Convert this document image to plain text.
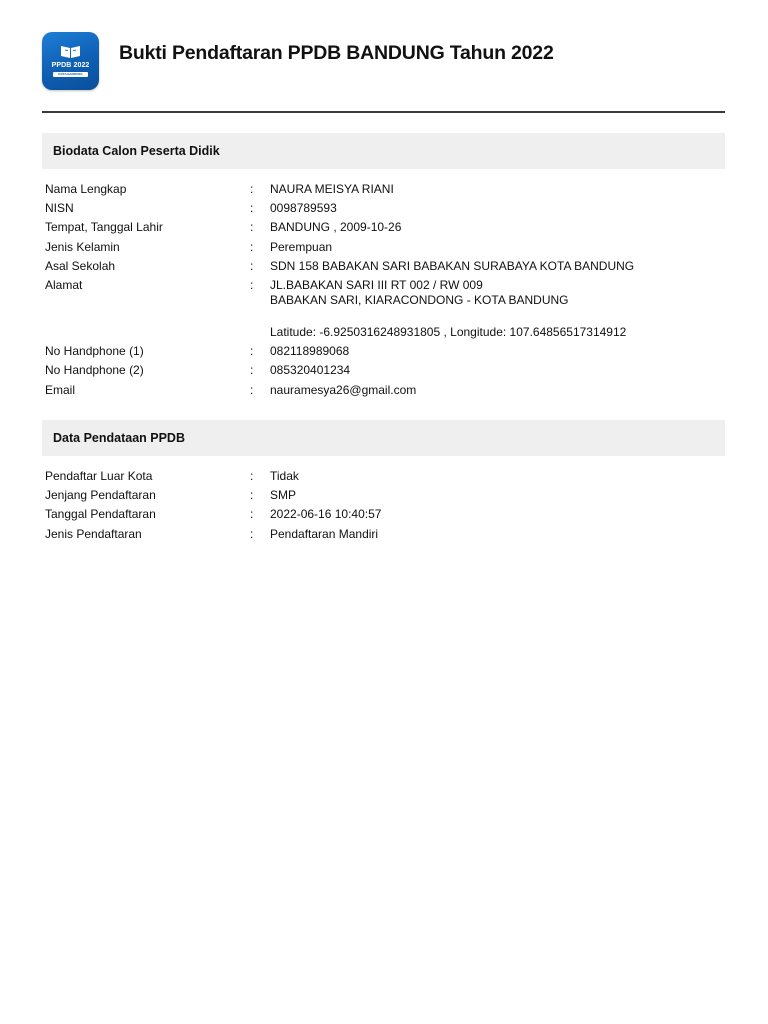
PPDB 2022
KOTA BANDUNG
Bukti Pendaftaran PPDB BANDUNG Tahun 2022
Biodata Calon Peserta Didik
Nama Lengkap	: NAURA MEISYA RIANI
NISN	: 0098789593
Tempat, Tanggal Lahir	: BANDUNG , 2009-10-26
Jenis Kelamin	: Perempuan
Asal Sekolah	: SDN 158 BABAKAN SARI BABAKAN SURABAYA KOTA BANDUNG
Alamat	: JL.BABAKAN SARI III RT 002 / RW 009
BABAKAN SARI, KIARACONDONG - KOTA BANDUNG
Latitude: -6.9250316248931805 , Longitude: 107.64856517314912
No Handphone (1)	: 082118989068
No Handphone (2)	: 085320401234
Email	: nauramesya26@gmail.com
Data Pendataan PPDB
Pendaftar Luar Kota	: Tidak
Jenjang Pendaftaran	: SMP
Tanggal Pendaftaran	: 2022-06-16 10:40:57
Jenis Pendaftaran	: Pendaftaran Mandiri
